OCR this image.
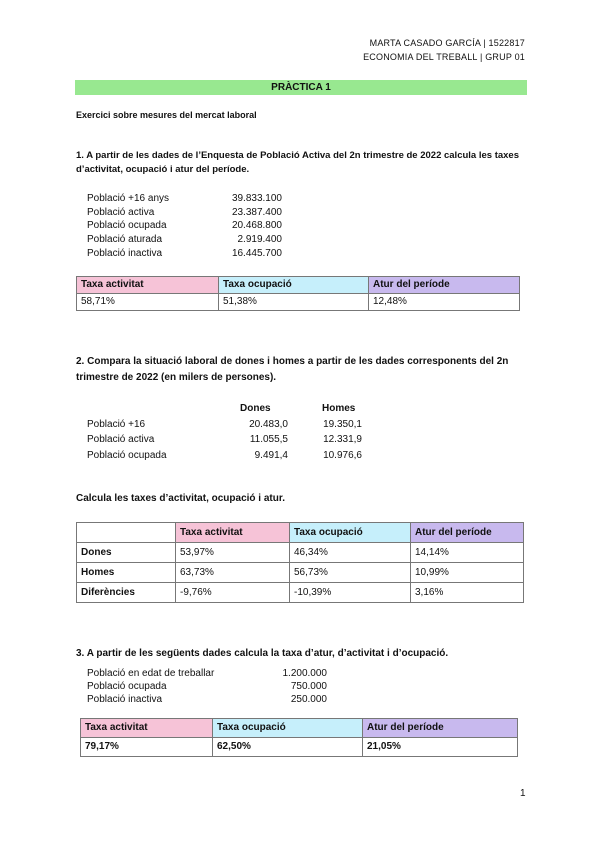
MARTA CASADO GARCÍA | 1522817
ECONOMIA DEL TREBALL | GRUP 01
PRÀCTICA 1
Exercici sobre mesures del mercat laboral
1. A partir de les dades de l’Enquesta de Població Activa del 2n trimestre de 2022 calcula les taxes
d’activitat, ocupació i atur del període.
Població +16 anys	39.833.100
Població activa	23.387.400
Població ocupada	20.468.800
Població aturada	2.919.400
Població inactiva	16.445.700
Taxa activitat	Taxa ocupació	Atur del període
58,71%	51,38%	12,48%
2. Compara la situació laboral de dones i homes a partir de les dades corresponents del 2n
trimestre de 2022 (en milers de persones).
Dones	Homes
Població +16	20.483,0	19.350,1
Població activa	11.055,5	12.331,9
Població ocupada	9.491,4	10.976,6
Calcula les taxes d’activitat, ocupació i atur.
	Taxa activitat	Taxa ocupació	Atur del període
Dones	53,97%	46,34%	14,14%
Homes	63,73%	56,73%	10,99%
Diferències	-9,76%	-10,39%	3,16%
3. A partir de les següents dades calcula la taxa d’atur, d’activitat i d’ocupació.
Població en edat de treballar	1.200.000
Població ocupada	750.000
Població inactiva	250.000
Taxa activitat	Taxa ocupació	Atur del període
79,17%	62,50%	21,05%
1
